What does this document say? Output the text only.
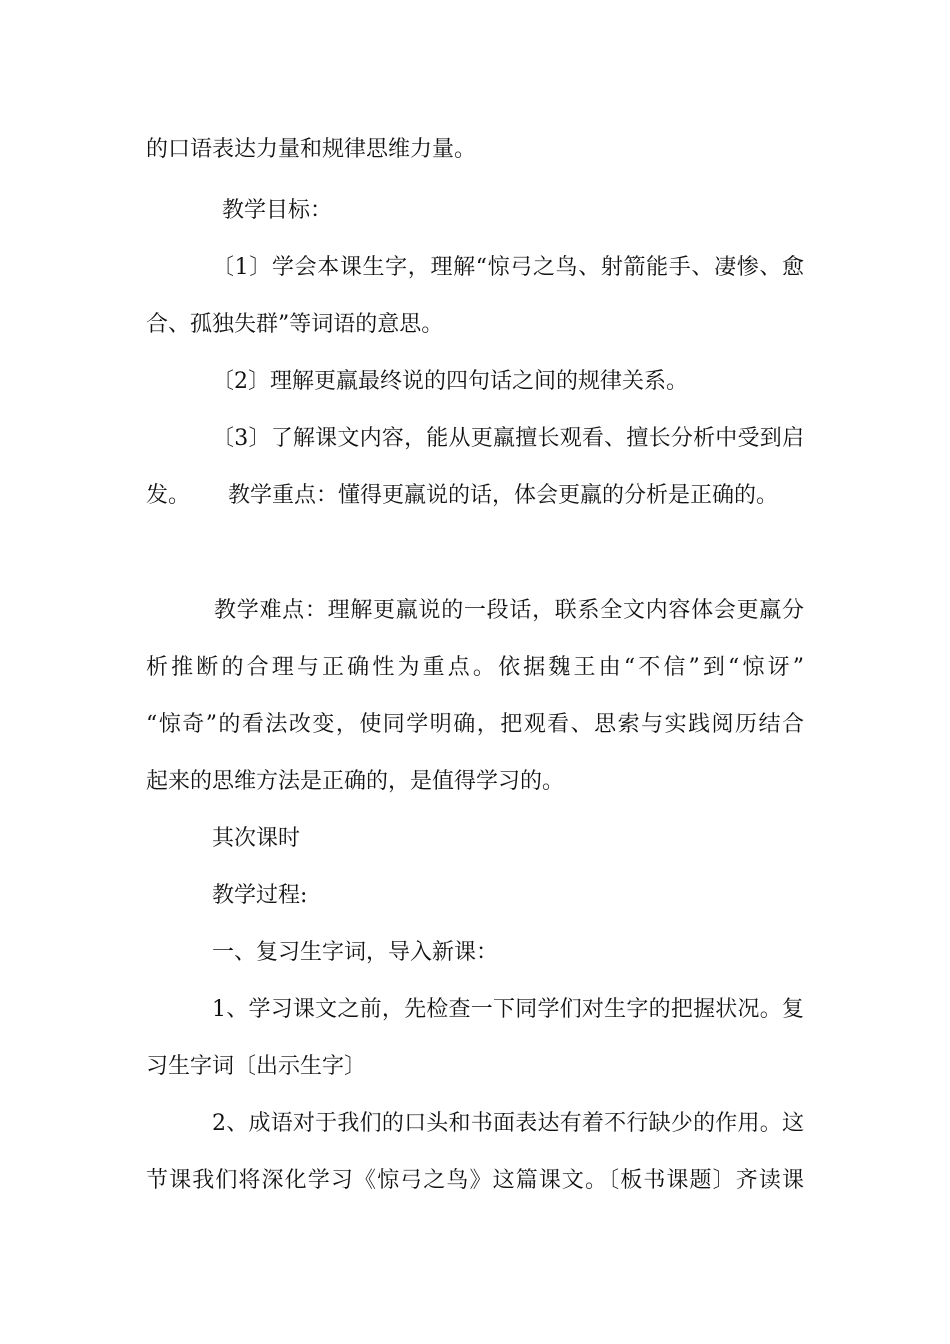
的口语表达力量和规律思维力量。
教学目标：
〔1〕学会本课生字，理解“惊弓之鸟、射箭能手、凄惨、愈
合、孤独失群”等词语的意思。
〔2〕理解更羸最终说的四句话之间的规律关系。
〔3〕了解课文内容，能从更羸擅长观看、擅长分析中受到启
发。 教学重点：懂得更羸说的话，体会更羸的分析是正确的。
教学难点：理解更羸说的一段话，联系全文内容体会更羸分
析推断的合理与正确性为重点。依据魏王由“不信”到“惊讶”
“惊奇”的看法改变，使同学明确，把观看、思索与实践阅历结合
起来的思维方法是正确的，是值得学习的。
其次课时
教学过程:
一、复习生字词，导入新课：
1、学习课文之前，先检查一下同学们对生字的把握状况。复
习生字词〔出示生字〕
2、成语对于我们的口头和书面表达有着不行缺少的作用。这
节课我们将深化学习《惊弓之鸟》这篇课文。〔板书课题〕齐读课
